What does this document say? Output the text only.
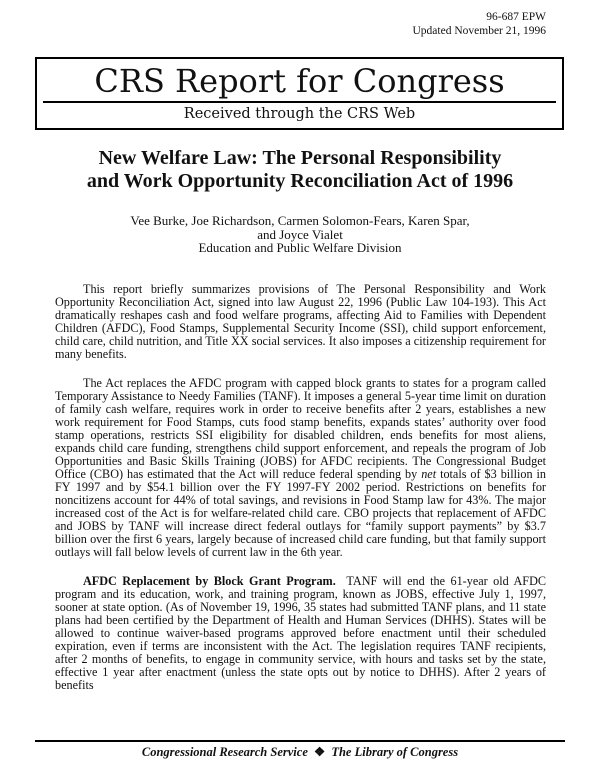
96-687 EPW
Updated November 21, 1996
CRS Report for Congress
Received through the CRS Web
New Welfare Law: The Personal Responsibility
and Work Opportunity Reconciliation Act of 1996
Vee Burke, Joe Richardson, Carmen Solomon-Fears, Karen Spar,
and Joyce Vialet
Education and Public Welfare Division

This report briefly summarizes provisions of The Personal Responsibility and Work Opportunity Reconciliation Act, signed into law August 22, 1996 (Public Law 104-193). This Act dramatically reshapes cash and food welfare programs, affecting Aid to Families with Dependent Children (AFDC), Food Stamps, Supplemental Security Income (SSI), child support enforcement, child care, child nutrition, and Title XX social services. It also imposes a citizenship requirement for many benefits.

The Act replaces the AFDC program with capped block grants to states for a program called Temporary Assistance to Needy Families (TANF). It imposes a general 5-year time limit on duration of family cash welfare, requires work in order to receive benefits after 2 years, establishes a new work requirement for Food Stamps, cuts food stamp benefits, expands states’ authority over food stamp operations, restricts SSI eligibility for disabled children, ends benefits for most aliens, expands child care funding, strengthens child support enforcement, and repeals the program of Job Opportunities and Basic Skills Training (JOBS) for AFDC recipients. The Congressional Budget Office (CBO) has estimated that the Act will reduce federal spending by net totals of $3 billion in FY 1997 and by $54.1 billion over the FY 1997-FY 2002 period. Restrictions on benefits for noncitizens account for 44% of total savings, and revisions in Food Stamp law for 43%. The major increased cost of the Act is for welfare-related child care. CBO projects that replacement of AFDC and JOBS by TANF will increase direct federal outlays for “family support payments” by $3.7 billion over the first 6 years, largely because of increased child care funding, but that family support outlays will fall below levels of current law in the 6th year.

AFDC Replacement by Block Grant Program.  TANF will end the 61-year old AFDC program and its education, work, and training program, known as JOBS, effective July 1, 1997, sooner at state option. (As of November 19, 1996, 35 states had submitted TANF plans, and 11 state plans had been certified by the Department of Health and Human Services (DHHS). States will be allowed to continue waiver-based programs approved before enactment until their scheduled expiration, even if terms are inconsistent with the Act. The legislation requires TANF recipients, after 2 months of benefits, to engage in community service, with hours and tasks set by the state, effective 1 year after enactment (unless the state opts out by notice to DHHS). After 2 years of benefits

Congressional Research Service ❖ The Library of Congress
